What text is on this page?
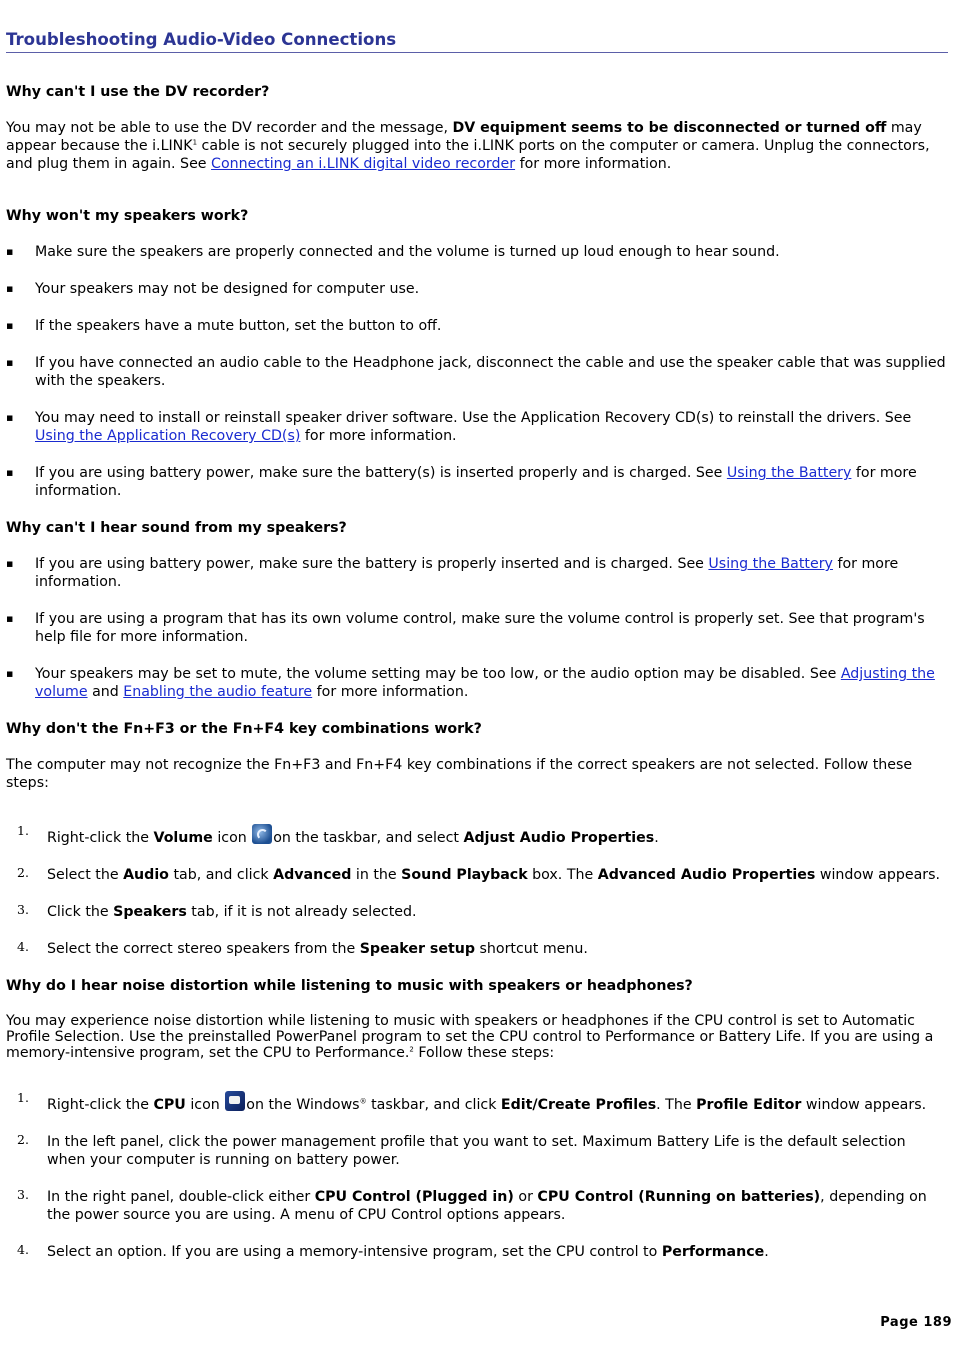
Troubleshooting Audio-Video Connections
Why can't I use the DV recorder?

You may not be able to use the DV recorder and the message, DV equipment seems to be disconnected or turned off may appear because the i.LINK$^1$ cable is not securely plugged into the i.LINK ports on the computer or camera. Unplug the connectors, and plug them in again. See Connecting an i.LINK digital video recorder for more information.

Why won't my speakers work?
▪ Make sure the speakers are properly connected and the volume is turned up loud enough to hear sound.
▪ Your speakers may not be designed for computer use.
▪ If the speakers have a mute button, set the button to off.
▪ If you have connected an audio cable to the Headphone jack, disconnect the cable and use the speaker cable that was supplied with the speakers.
▪ You may need to install or reinstall speaker driver software. Use the Application Recovery CD(s) to reinstall the drivers. See Using the Application Recovery CD(s) for more information.
▪ If you are using battery power, make sure the battery(s) is inserted properly and is charged. See Using the Battery for more information.
Why can't I hear sound from my speakers?
▪ If you are using battery power, make sure the battery is properly inserted and is charged. See Using the Battery for more information.
▪ If you are using a program that has its own volume control, make sure the volume control is properly set. See that program's help file for more information.
▪ Your speakers may be set to mute, the volume setting may be too low, or the audio option may be disabled. See Adjusting the volume and Enabling the audio feature for more information.
Why don't the Fn+F3 or the Fn+F4 key combinations work?

The computer may not recognize the Fn+F3 and Fn+F4 key combinations if the correct speakers are not selected. Follow these steps:

1. Right-click the Volume icon on the taskbar, and select Adjust Audio Properties.
2. Select the Audio tab, and click Advanced in the Sound Playback box. The Advanced Audio Properties window appears.
3. Click the Speakers tab, if it is not already selected.
4. Select the correct stereo speakers from the Speaker setup shortcut menu.
Why do I hear noise distortion while listening to music with speakers or headphones?

You may experience noise distortion while listening to music with speakers or headphones if the CPU control is set to Automatic Profile Selection. Use the preinstalled PowerPanel program to set the CPU control to Performance or Battery Life. If you are using a memory-intensive program, set the CPU to Performance.$^2$ Follow these steps:

1. Right-click the CPU icon on the Windows® taskbar, and click Edit/Create Profiles. The Profile Editor window appears.
2. In the left panel, click the power management profile that you want to set. Maximum Battery Life is the default selection when your computer is running on battery power.
3. In the right panel, double-click either CPU Control (Plugged in) or CPU Control (Running on batteries), depending on the power source you are using. A menu of CPU Control options appears.
4. Select an option. If you are using a memory-intensive program, set the CPU control to Performance.
Page 189
